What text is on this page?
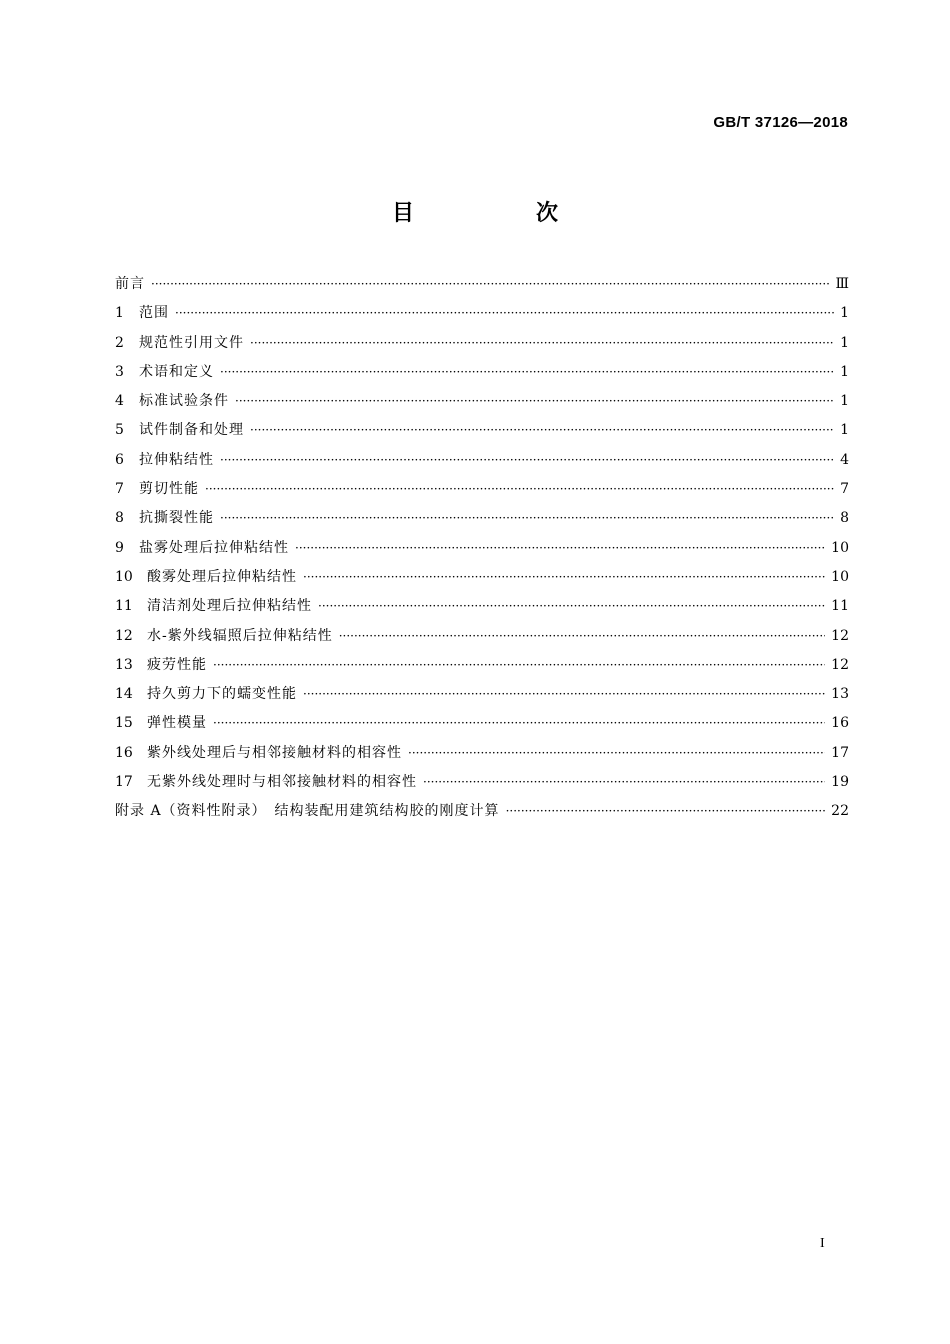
GB/T 37126—2018
目　次
前言 ·····	Ⅲ
1	范围 ·····	1
2	规范性引用文件 ·····	1
3	术语和定义 ·····	1
4	标准试验条件 ·····	1
5	试件制备和处理 ·····	1
6	拉伸粘结性 ·····	4
7	剪切性能 ·····	7
8	抗撕裂性能 ·····	8
9	盐雾处理后拉伸粘结性 ·····	10
10	酸雾处理后拉伸粘结性 ·····	10
11	清洁剂处理后拉伸粘结性 ·····	11
12	水-紫外线辐照后拉伸粘结性 ·····	12
13	疲劳性能 ·····	12
14	持久剪力下的蠕变性能 ·····	13
15	弹性模量 ·····	16
16	紫外线处理后与相邻接触材料的相容性 ·····	17
17	无紫外线处理时与相邻接触材料的相容性 ·····	19
附录 A（资料性附录）　结构装配用建筑结构胶的刚度计算 ·····	22
I
